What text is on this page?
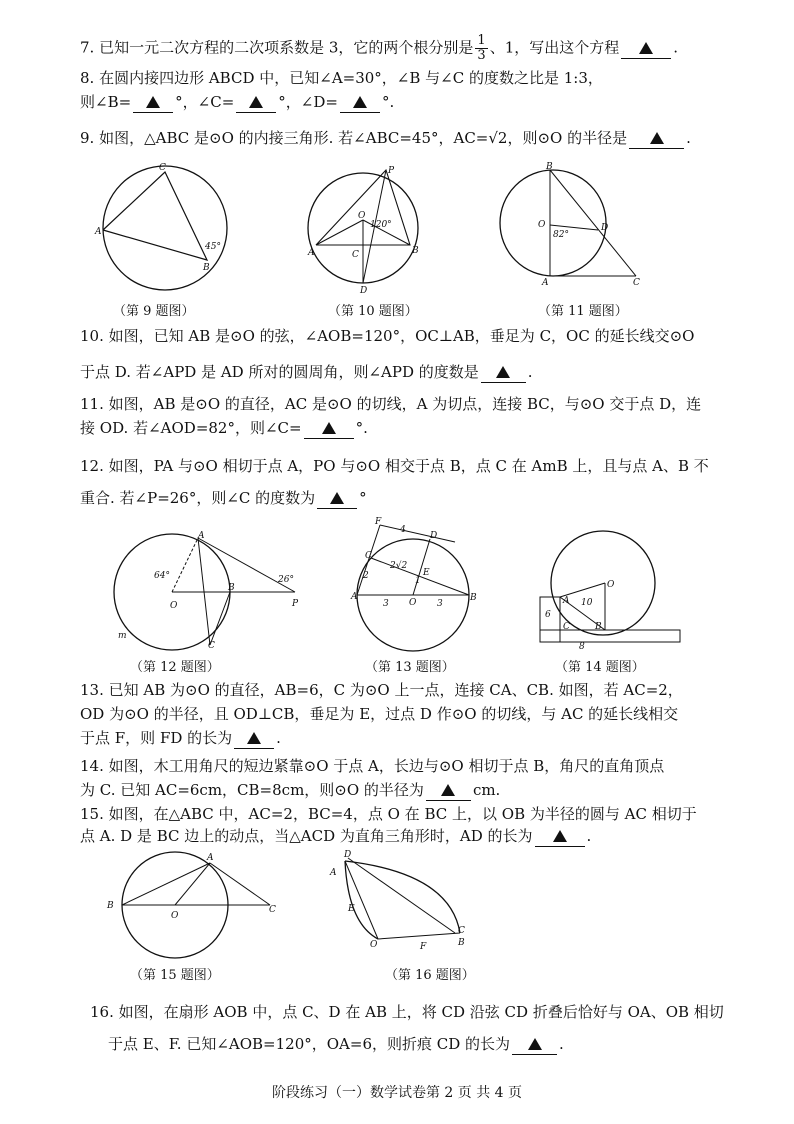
7. 已知一元二次方程的二次项系数是 3，它的两个根分别是 $\frac{1}{3}$ 、1，写出这个方程	.
8. 在圆内接四边形 ABCD 中，已知∠A=30°，∠B 与∠C 的度数之比是 1:3，
则∠B=	°，∠C=	°，∠D=	°.
9. 如图，△ABC 是⊙O 的内接三角形. 若∠ABC=45°，AC=√2，则⊙O 的半径是	.
A
B
C
45°
（第 9 题图）
P
O
A	B
C
D
120°
（第 10 题图）
B
O	D
A	C
82°
（第 11 题图）
10. 如图，已知 AB 是⊙O 的弦，∠AOB=120°，OC⊥AB，垂足为 C，OC 的延长线交⊙O
于点 D. 若∠APD 是 AD 所对的圆周角，则∠APD 的度数是	.
11. 如图，AB 是⊙O 的直径，AC 是⊙O 的切线，A 为切点，连接 BC，与⊙O 交于点 D，连
接 OD. 若∠AOD=82°，则∠C=	°.
12. 如图，PA 与⊙O 相切于点 A，PO 与⊙O 相交于点 B，点 C 在 AmB 上，且与点 A、B 不
重合. 若∠P=26°，则∠C 的度数为	°
A
O
B
P
C
m
64°	26°
（第 12 题图）
F
C
D
A
O
E
B
4
2
3	3
2√2
1
（第 13 题图）
O
A
C	B
6
10
8
（第 14 题图）
13. 已知 AB 为⊙O 的直径，AB=6，C 为⊙O 上一点，连接 CA、CB. 如图，若 AC=2，
OD 为⊙O 的半径，且 OD⊥CB，垂足为 E，过点 D 作⊙O 的切线，与 AC 的延长线相交
于点 F，则 FD 的长为	.
14. 如图，木工用角尺的短边紧靠⊙O 于点 A，长边与⊙O 相切于点 B，角尺的直角顶点
为 C. 已知 AC=6cm，CB=8cm，则⊙O 的半径为	cm.
15. 如图，在△ABC 中，AC=2，BC=4，点 O 在 BC 上，以 OB 为半径的圆与 AC 相切于
点 A. D 是 BC 边上的动点，当△ACD 为直角三角形时，AD 的长为	.
A
B
O
C
（第 15 题图）
D
A
E
O	F
C
B
（第 16 题图）
16. 如图，在扇形 AOB 中，点 C、D 在 AB 上，将 CD 沿弦 CD 折叠后恰好与 OA、OB 相切
于点 E、F. 已知∠AOB=120°，OA=6，则折痕 CD 的长为	.
阶段练习（一）数学试卷第 2 页 共 4 页
